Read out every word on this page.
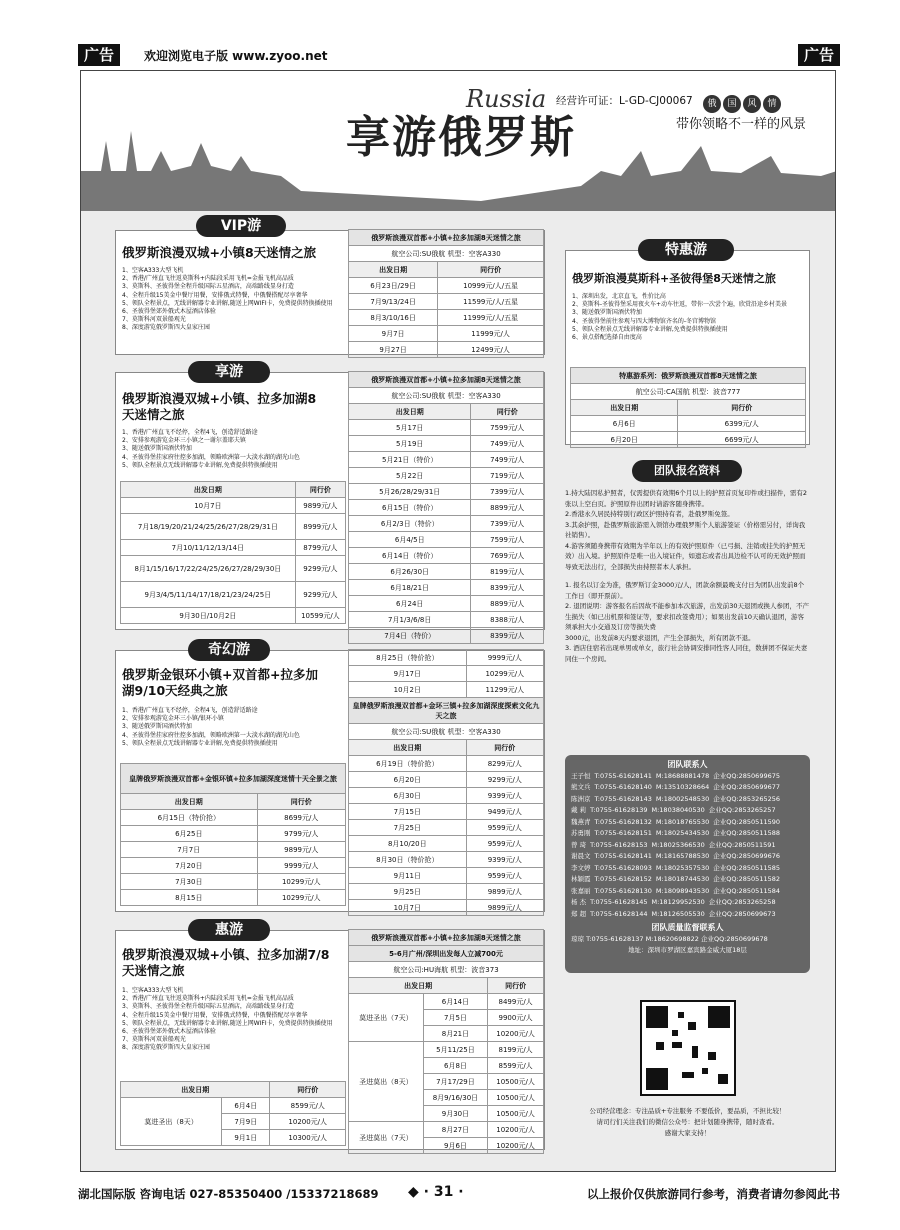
广告	欢迎浏览电子版 www.zyoo.net	广告
Russia
享游俄罗斯
经营许可证：L-GD-CJ00067	俄 国 风 情
带你领略不一样的风景
VIP游
俄罗斯浪漫双城+小镇8天迷情之旅
1、空客A333大型飞机
2、香港/广州直飞往返莫斯科+内陆段采用飞机=金报飞机高品质
3、莫斯科、圣彼得堡全程升级国际五星酒店，高端路线显身打造
4、全程升级15美金中餐厅用餐，安排俄式特餐，中俄餐搭配尽享奢华
5、领队全程景点，无线讲解器专业讲解,随送上网WIFI卡，免费提供特换插使用
6、圣彼得堡郊外俄式木屋酒店体验
7、莫斯科河双景船观光
8、深度游览俄罗斯四大皇家庄园
俄罗斯浪漫双首都+小镇+拉多加湖8天迷情之旅	
航空公司:SU俄航 机型：空客A330	
出发日期	同行价
6月23日/29日	10999元/人/五星
7月9/13/24日	11599元/人/五星
8月3/10/16日	11999元/人/五星
9月7日	11999元/人
9月27日	12499元/人
享游
俄罗斯浪漫双城+小镇、拉多加湖8天迷情之旅
1、香港/广州直飞不经停，全程4飞，创造舒适路途
2、安排参观游览金环三小镇之一谢尔盖耶夫镇
3、随送俄罗斯国酒伏特加
4、圣彼得堡挂家府往控多加湖，领略欧洲第一大淡水湖的湖光山色
5、领队全程景点无线讲解器专业讲解,免费提供特换插使用
出发日期	同行价
10月7日	9899元/人
7月18/19/20/21/24/25/26/27/28/29/31日	8999元/人
7月10/11/12/13/14日	8799元/人
8月1/15/16/17/22/24/25/26/27/28/29/30日	9299元/人
9月3/4/5/11/14/17/18/21/23/24/25日	9299元/人
9月30日/10月2日	10599元/人
俄罗斯浪漫双首都+小镇+拉多加湖8天迷情之旅	
航空公司:SU俄航 机型：空客A330	
出发日期	同行价
5月17日	7599元/人
5月19日	7499元/人
5月21日（特价）	7499元/人
5月22日	7199元/人
5月26/28/29/31日	7399元/人
6月15日（特价）	8899元/人
6月2/3日（特价）	7399元/人
6月4/5日	7599元/人
6月14日（特价）	7699元/人
6月26/30日	8199元/人
6月18/21日	8399元/人
6月24日	8899元/人
7月1/3/6/8日	8388元/人
7月4日（特价）	8399元/人
奇幻游
俄罗斯金银环小镇+双首都+拉多加湖9/10天经典之旅
1、香港/广州直飞不经停，全程4飞，创造舒适路途
2、安排参观游览金环三小镇/银环小镇
3、随送俄罗斯国酒伏特加
4、圣彼得堡挂家府往控多加湖，领略欧洲第一大淡水湖的湖光山色
5、领队全程景点无线讲解器专业讲解,免费提供特换插使用
皇牌俄罗斯浪漫双首都+金银环镇+拉多加湖深度迷情十天全景之旅	
出发日期	同行价
6月15日（特价抢）	8699元/人
6月25日	9799元/人
7月7日	9899元/人
7月20日	9999元/人
7月30日	10299元/人
8月15日	10299元/人
8月25日（特价抢）	9999元/人
9月17日	10299元/人
10月2日	11299元/人
皇牌俄罗斯浪漫双首都+金环三镇+拉多加湖深度探索文化九天之旅	
航空公司:SU俄航 机型：空客A330	
出发日期	同行价
6月19日（特价抢）	8299元/人
6月20日	9299元/人
6月30日	9399元/人
7月15日	9499元/人
7月25日	9599元/人
8月10/20日	9599元/人
8月30日（特价抢）	9399元/人
9月11日	9599元/人
9月25日	9899元/人
10月7日	9899元/人
惠游
俄罗斯浪漫双城+小镇、拉多加湖7/8天迷情之旅
1、空客A333大型飞机
2、香港/广州直飞往返莫斯科+内陆段采用飞机=金报飞机高品质
3、莫斯科、圣彼得堡全程升级国际五星酒店，高端路线显身打造
4、全程升级15美金中餐厅用餐，安排俄式特餐，中俄餐搭配尽享奢华
5、领队全程景点，无线讲解器专业讲解,随送上网WIFI卡，免费提供特换插使用
6、圣彼得堡郊外俄式木屋酒店体验
7、莫斯科河双景船观光
8、深度游览俄罗斯四大皇家庄园
出发日期		同行价
莫进圣出（8天）	6月4日	8599元/人
	7月9日	10200元/人
	9月1日	10300元/人
俄罗斯浪漫双首都+小镇+拉多加湖8天迷情之旅		
5-6月广州/深圳出发每人立减700元		
航空公司:HU海航 机型：波音373		
出发日期		同行价
莫进圣出（7天）	6月14日	8499元/人
	7月5日	9900元/人
	8月21日	10200元/人
圣进莫出（8天）	5月11/25日	8199元/人
	6月8日	8599元/人
	7月17/29日	10500元/人
	8月9/16/30日	10500元/人
	9月30日	10500元/人
圣进莫出（7天）	8月27日	10200元/人
	9月6日	10200元/人
特惠游
俄罗斯浪漫莫斯科+圣彼得堡8天迷情之旅
1、深圳出发，北京直飞，性价比高
2、莫斯科-圣彼得堡采用夜火车+动车往返，带你一次尝个遍，欣赏沿途乡村美景
3、随送俄罗斯国酒伏特加
4、圣彼得堡前往参观与四大博物馆齐名的-冬宫博物馆
5、领队全程景点无线讲解器专业讲解,免费提供特换插使用
6、景点搭配选择自由度高
特惠游系列：俄罗斯浪漫双首都8天迷情之旅	
航空公司:CA国航 机型：波音777	
出发日期	同行价
6月6日	6399元/人
6月20日	6699元/人
团队报名资料
1.持大陆因私护照者，仅需提供有效期6个月以上的护照首页复印件或扫描件，需有2张以上空白页。护照原件出团时请游客随身携带。
2.香港永久居民持特别行政区护照持有者，赴俄罗斯免签。
3.其余护照，赴俄罗斯旅游需入领馆办理俄罗斯个人旅游签证（价格需另付，详询我社销售）。
4.游客须随身携带有效期为半年以上的有效护照原件（已弓损、注销或挂失的护照无效）出入境。护照原件是唯一出入境证件，如遗忘或者出具边检不认可的无效护照而导致无法出行，全部损失由持照者本人承担。
1. 报名以订金为准，俄罗斯订金3000元/人，团款余额最晚支付日为团队出发前8个工作日（即开票前）。
2. 退团说明：游客报名后因故不能参加本次旅游，出发前30天退团或换人参团，不产生损失（如已出机票和签证等，要求扣改签费用）；如果出发前10天确认退团，游客须承担大小交通及订房等损失费
3000元，出发前8天内要求退团，产生全部损失，所有团款不退。
3. 酒店住宿若出现单男或单女，旅行社会协调安排同性客人同住，数拼团不保证夫妻同住一个房间。
团队联系人
王子恒 T:0755-61628141 M:18688881478 企业QQ:2850699675
熊文兵 T:0755-61628140 M:13510328664 企业QQ:2850699677
陈洲京 T:0755-61628143 M:18002548530 企业QQ:2853265256
戴 莉 T:0755-61628139 M:18038040530 企业QQ:2853265257
魏燕青 T:0755-61628132 M:18018765530 企业QQ:2850511590
苏勇刚 T:0755-61628151 M:18025434530 企业QQ:2850511588
曾 琦 T:0755-61628153 M:18025366530 企业QQ:2850511591
谢晨文 T:0755-61628141 M:18165788530 企业QQ:2850699676
李文婷 T:0755-61628093 M:18025357530 企业QQ:2850511585
林颖霞 T:0755-61628152 M:18018744530 企业QQ:2850511582
张嘉丽 T:0755-61628130 M:18098943530 企业QQ:2850511584
杨 杰 T:0755-61628145 M:18129952530 企业QQ:2853265258
郑 超 T:0755-61628144 M:18126505530 企业QQ:2850699673
团队质量监督联系人
琼琼 T:0755-61628137 M:18620698822 企业QQ:2850699678
地址：深圳市罗湖区嘉宾路金威大厦18层
公司经营理念：专注品质+专注服务 不要低价，要品质，不担比较！
请司行们关注我们的微信公众号：把计划随身携带，随时查看。
感谢大家支持！
湖北国际版 咨询电话 027-85350400 /15337218689 ◆ · 31 ·	以上报价仅供旅游同行参考，消费者请勿参阅此书
